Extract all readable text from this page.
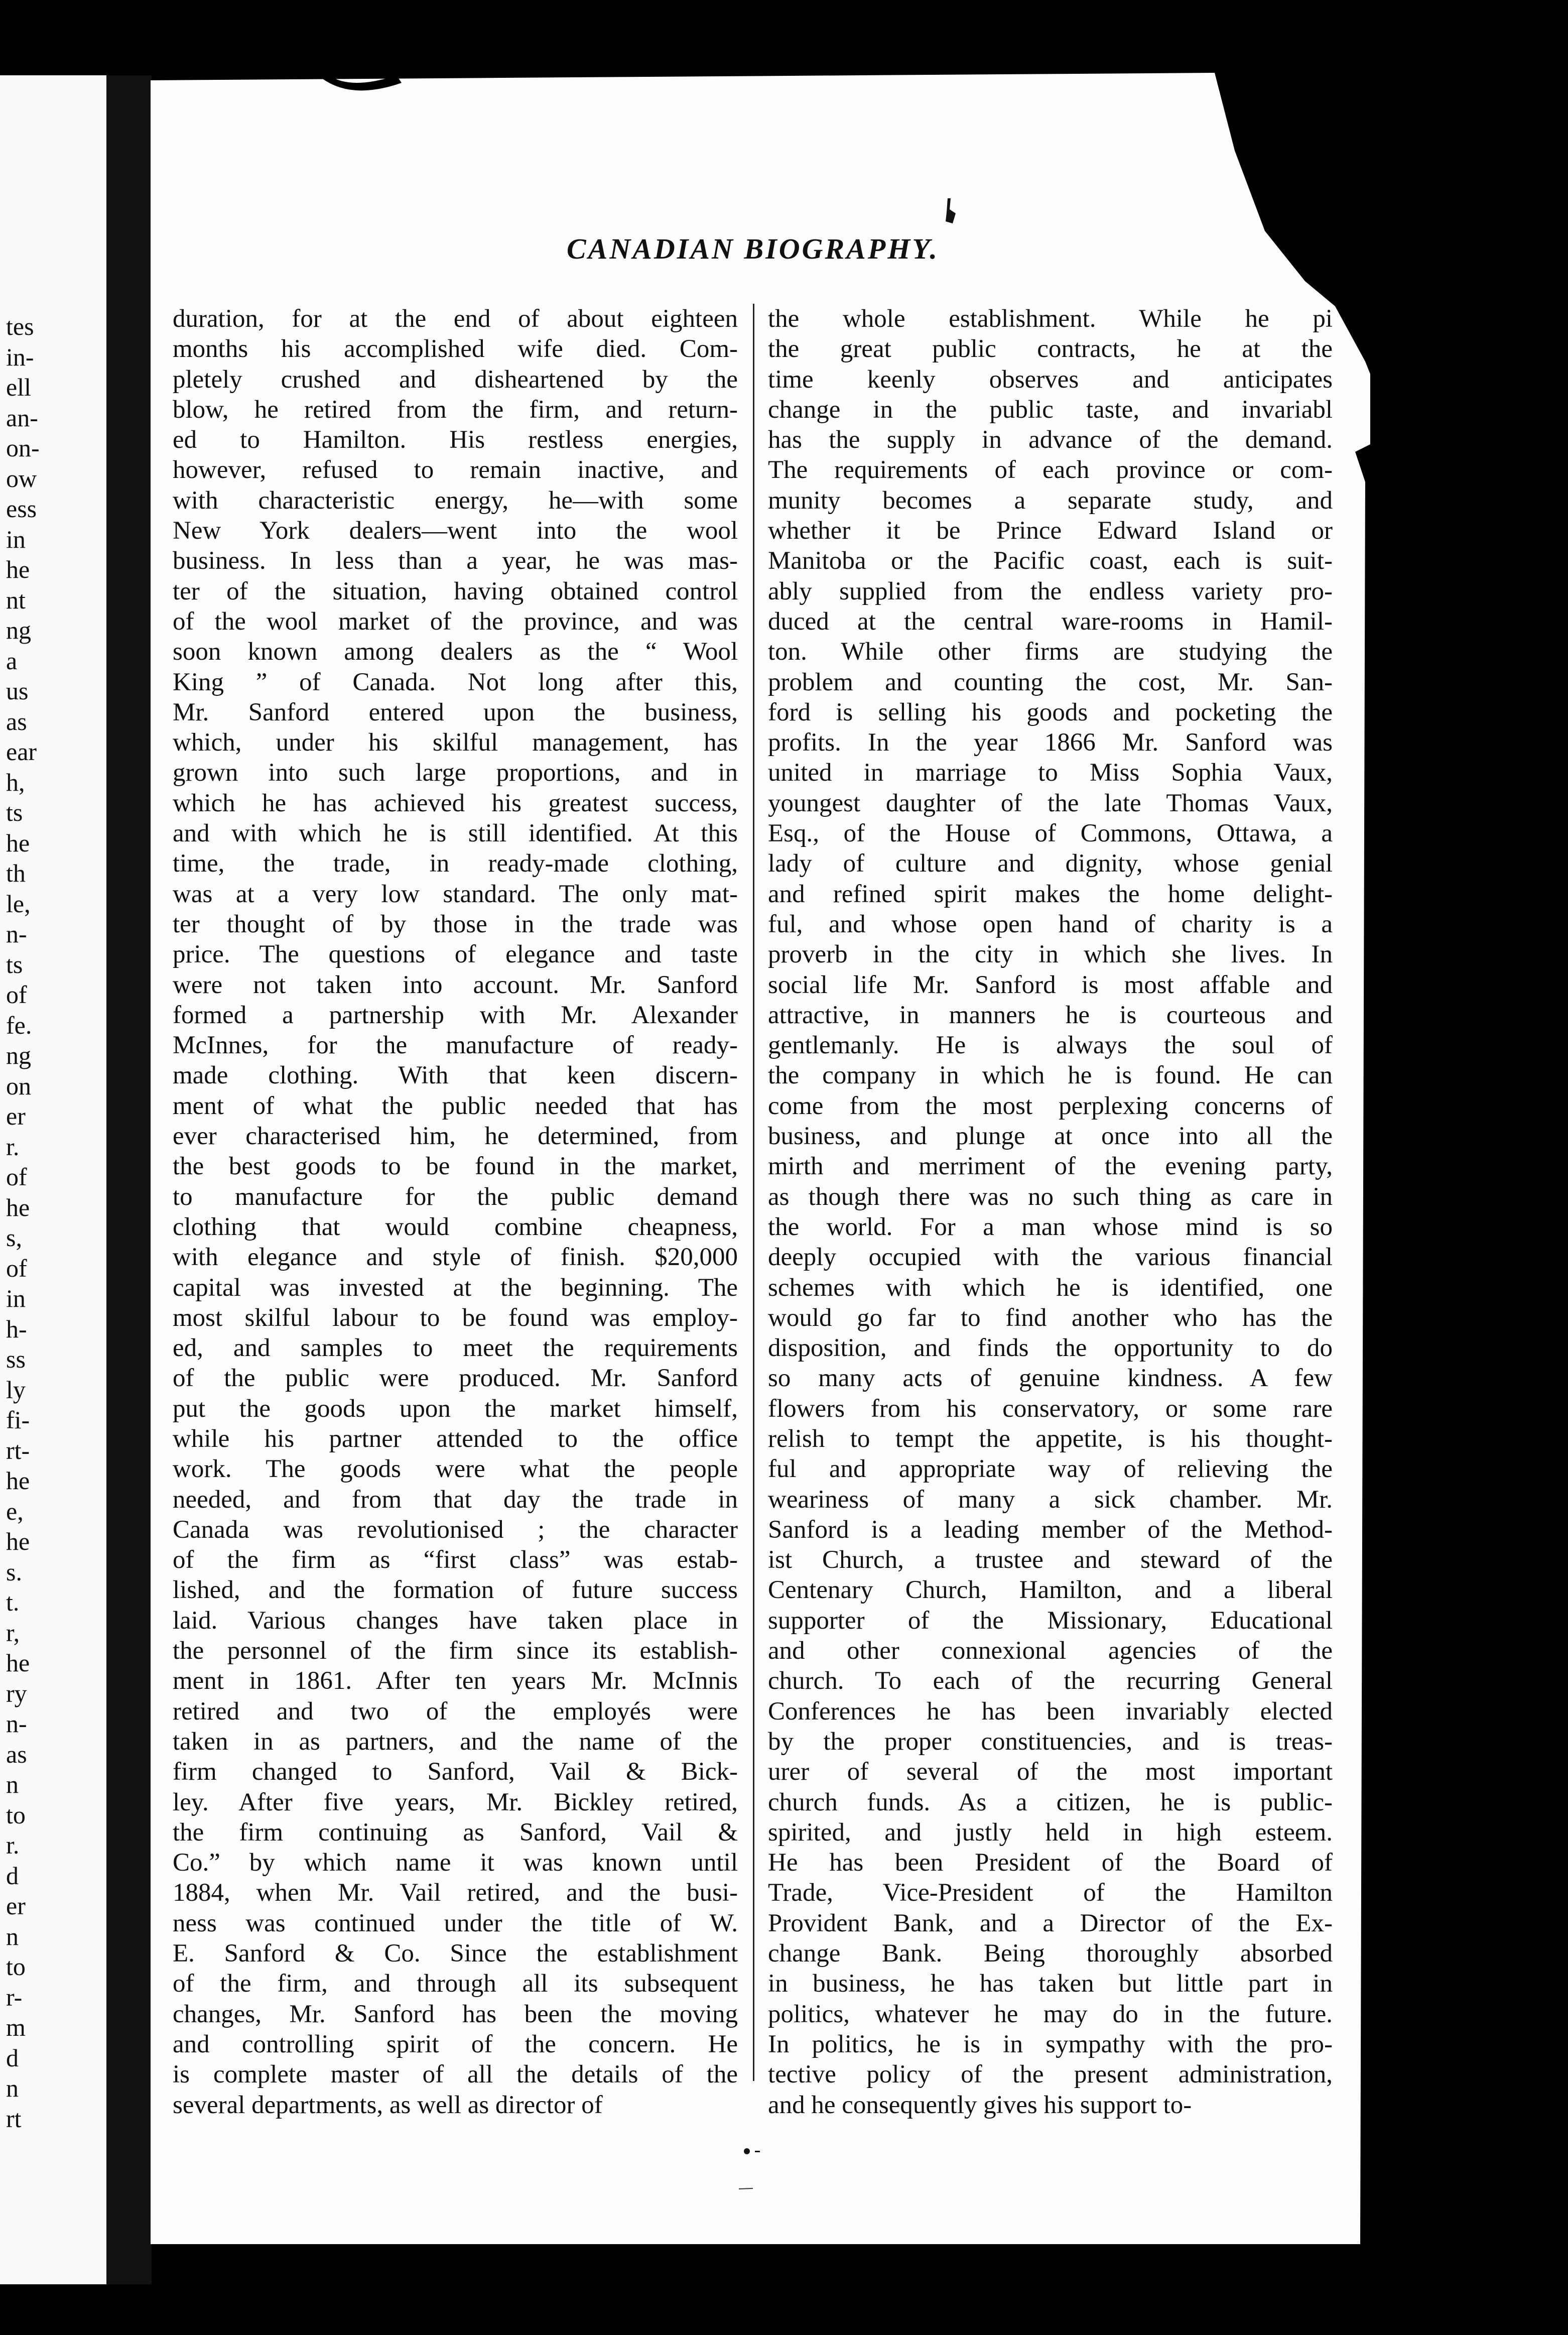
tes
in-
ell
an-
on-
ow
ess
in
he
nt
ng
a
us
as
ear
h,
ts
he
th
le,
n-
ts
of
fe.
ng
on
er
r.
of
he
s,
of
in
h-
ss
ly
fi-
rt-
he
e,
he
s.
t.
r,
he
ry
n-
as
n
to
r.
d
er
n
to
r-
m
d
n
rt
CANADIAN BIOGRAPHY.
duration, for at the end of about eighteen
months his accomplished wife died. Com-
pletely crushed and disheartened by the
blow, he retired from the firm, and return-
ed to Hamilton. His restless energies,
however, refused to remain inactive, and
with characteristic energy, he—with some
New York dealers—went into the wool
business. In less than a year, he was mas-
ter of the situation, having obtained control
of the wool market of the province, and was
soon known among dealers as the “ Wool
King ” of Canada. Not long after this,
Mr. Sanford entered upon the business,
which, under his skilful management, has
grown into such large proportions, and in
which he has achieved his greatest success,
and with which he is still identified. At this
time, the trade, in ready-made clothing,
was at a very low standard. The only mat-
ter thought of by those in the trade was
price. The questions of elegance and taste
were not taken into account. Mr. Sanford
formed a partnership with Mr. Alexander
McInnes, for the manufacture of ready-
made clothing. With that keen discern-
ment of what the public needed that has
ever characterised him, he determined, from
the best goods to be found in the market,
to manufacture for the public demand
clothing that would combine cheapness,
with elegance and style of finish. $20,000
capital was invested at the beginning. The
most skilful labour to be found was employ-
ed, and samples to meet the requirements
of the public were produced. Mr. Sanford
put the goods upon the market himself,
while his partner attended to the office
work. The goods were what the people
needed, and from that day the trade in
Canada was revolutionised ; the character
of the firm as “first class” was estab-
lished, and the formation of future success
laid. Various changes have taken place in
the personnel of the firm since its establish-
ment in 1861. After ten years Mr. McInnis
retired and two of the employés were
taken in as partners, and the name of the
firm changed to Sanford, Vail & Bick-
ley. After five years, Mr. Bickley retired,
the firm continuing as Sanford, Vail &
Co.” by which name it was known until
1884, when Mr. Vail retired, and the busi-
ness was continued under the title of W.
E. Sanford & Co. Since the establishment
of the firm, and through all its subsequent
changes, Mr. Sanford has been the moving
and controlling spirit of the concern. He
is complete master of all the details of the
several departments, as well as director of
the whole establishment. While he pi
the great public contracts, he at the
time keenly observes and anticipates
change in the public taste, and invariabl
has the supply in advance of the demand.
The requirements of each province or com-
munity becomes a separate study, and
whether it be Prince Edward Island or
Manitoba or the Pacific coast, each is suit-
ably supplied from the endless variety pro-
duced at the central ware-rooms in Hamil-
ton. While other firms are studying the
problem and counting the cost, Mr. San-
ford is selling his goods and pocketing the
profits. In the year 1866 Mr. Sanford was
united in marriage to Miss Sophia Vaux,
youngest daughter of the late Thomas Vaux,
Esq., of the House of Commons, Ottawa, a
lady of culture and dignity, whose genial
and refined spirit makes the home delight-
ful, and whose open hand of charity is a
proverb in the city in which she lives. In
social life Mr. Sanford is most affable and
attractive, in manners he is courteous and
gentlemanly. He is always the soul of
the company in which he is found. He can
come from the most perplexing concerns of
business, and plunge at once into all the
mirth and merriment of the evening party,
as though there was no such thing as care in
the world. For a man whose mind is so
deeply occupied with the various financial
schemes with which he is identified, one
would go far to find another who has the
disposition, and finds the opportunity to do
so many acts of genuine kindness. A few
flowers from his conservatory, or some rare
relish to tempt the appetite, is his thought-
ful and appropriate way of relieving the
weariness of many a sick chamber. Mr.
Sanford is a leading member of the Method-
ist Church, a trustee and steward of the
Centenary Church, Hamilton, and a liberal
supporter of the Missionary, Educational
and other connexional agencies of the
church. To each of the recurring General
Conferences he has been invariably elected
by the proper constituencies, and is treas-
urer of several of the most important
church funds. As a citizen, he is public-
spirited, and justly held in high esteem.
He has been President of the Board of
Trade, Vice-President of the Hamilton
Provident Bank, and a Director of the Ex-
change Bank. Being thoroughly absorbed
in business, he has taken but little part in
politics, whatever he may do in the future.
In politics, he is in sympathy with the pro-
tective policy of the present administration,
and he consequently gives his support to-
